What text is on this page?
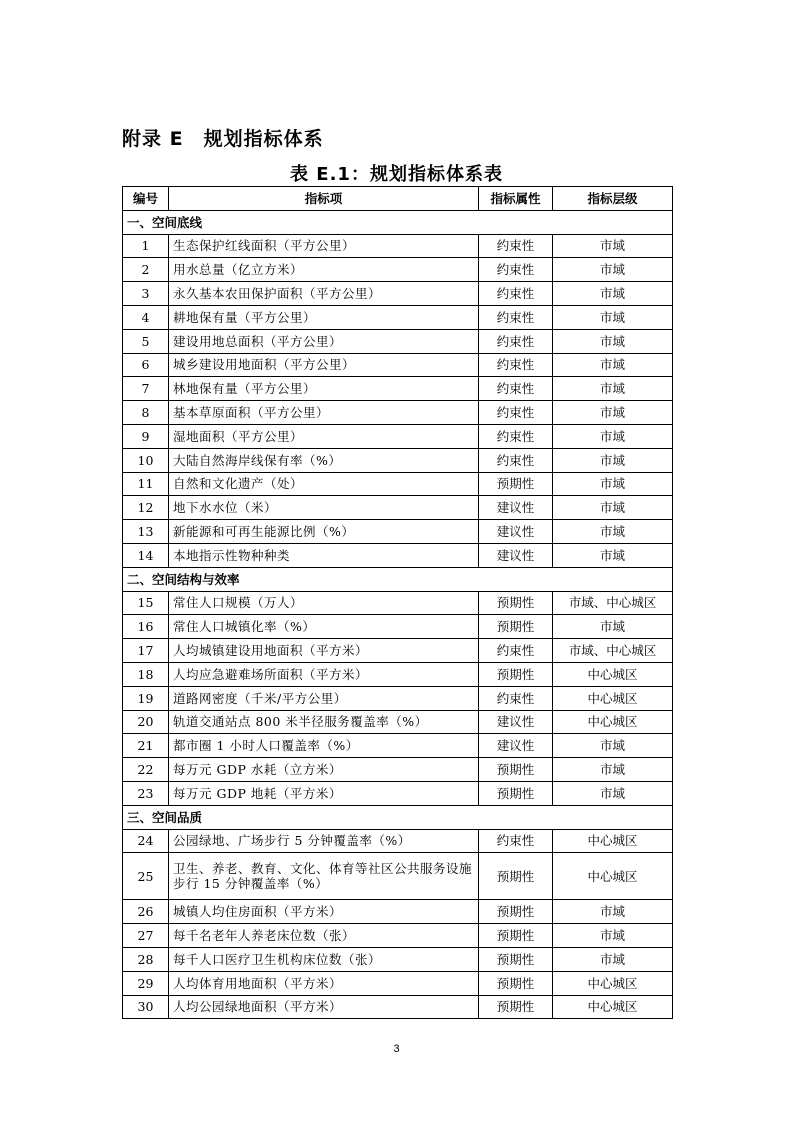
附录 E　规划指标体系
表 E.1：规划指标体系表
编号	指标项	指标属性	指标层级
一、空间底线			
1	生态保护红线面积（平方公里）	约束性	市域
2	用水总量（亿立方米）	约束性	市域
3	永久基本农田保护面积（平方公里）	约束性	市域
4	耕地保有量（平方公里）	约束性	市域
5	建设用地总面积（平方公里）	约束性	市域
6	城乡建设用地面积（平方公里）	约束性	市域
7	林地保有量（平方公里）	约束性	市域
8	基本草原面积（平方公里）	约束性	市域
9	湿地面积（平方公里）	约束性	市域
10	大陆自然海岸线保有率（%）	约束性	市域
11	自然和文化遗产（处）	预期性	市域
12	地下水水位（米）	建议性	市域
13	新能源和可再生能源比例（%）	建议性	市域
14	本地指示性物种种类	建议性	市域
二、空间结构与效率			
15	常住人口规模（万人）	预期性	市域、中心城区
16	常住人口城镇化率（%）	预期性	市域
17	人均城镇建设用地面积（平方米）	约束性	市域、中心城区
18	人均应急避难场所面积（平方米）	预期性	中心城区
19	道路网密度（千米/平方公里）	约束性	中心城区
20	轨道交通站点 800 米半径服务覆盖率（%）	建议性	中心城区
21	都市圈 1 小时人口覆盖率（%）	建议性	市域
22	每万元 GDP 水耗（立方米）	预期性	市域
23	每万元 GDP 地耗（平方米）	预期性	市域
三、空间品质			
24	公园绿地、广场步行 5 分钟覆盖率（%）	约束性	中心城区
25	卫生、养老、教育、文化、体育等社区公共服务设施步行 15 分钟覆盖率（%）	预期性	中心城区
26	城镇人均住房面积（平方米）	预期性	市域
27	每千名老年人养老床位数（张）	预期性	市域
28	每千人口医疗卫生机构床位数（张）	预期性	市域
29	人均体育用地面积（平方米）	预期性	中心城区
30	人均公园绿地面积（平方米）	预期性	中心城区
3
